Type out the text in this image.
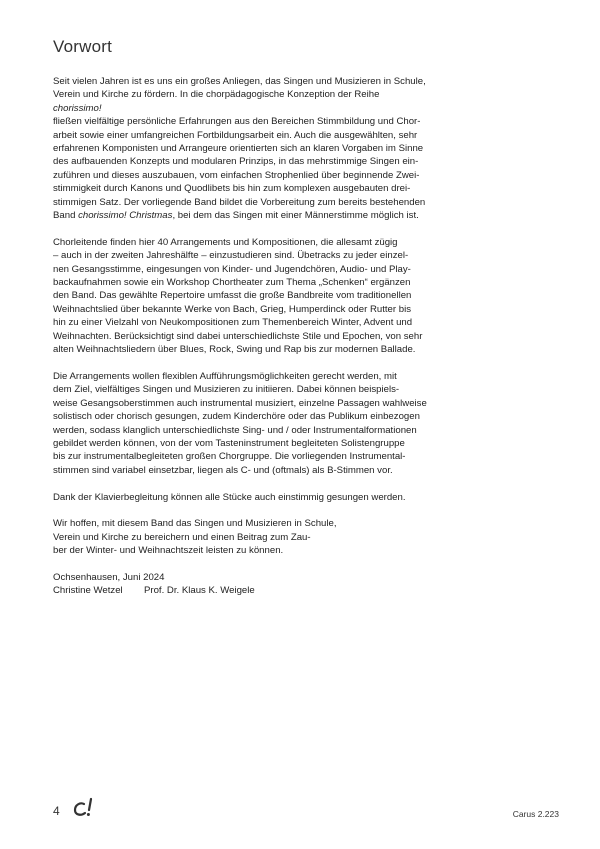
Vorwort

Seit vielen Jahren ist es uns ein großes Anliegen, das Singen und Musizieren in Schule,
Verein und Kirche zu fördern. In die chorpädagogische Konzeption der Reihe chorissimo!
fließen vielfältige persönliche Erfahrungen aus den Bereichen Stimmbildung und Chor-
arbeit sowie einer umfangreichen Fortbildungsarbeit ein. Auch die ausgewählten, sehr
erfahrenen Komponisten und Arrangeure orientierten sich an klaren Vorgaben im Sinne
des aufbauenden Konzepts und modularen Prinzips, in das mehrstimmige Singen ein-
zuführen und dieses auszubauen, vom einfachen Strophenlied über beginnende Zwei-
stimmigkeit durch Kanons und Quodlibets bis hin zum komplexen ausgebauten drei-
stimmigen Satz. Der vorliegende Band bildet die Vorbereitung zum bereits bestehenden
Band chorissimo! Christmas, bei dem das Singen mit einer Männerstimme möglich ist.

Chorleitende finden hier 40 Arrangements und Kompositionen, die allesamt zügig
– auch in der zweiten Jahreshälfte – einzustudieren sind. Übetracks zu jeder einzel-
nen Gesangsstimme, eingesungen von Kinder- und Jugendchören, Audio- und Play-
backaufnahmen sowie ein Workshop Chortheater zum Thema „Schenken“ ergänzen
den Band. Das gewählte Repertoire umfasst die große Bandbreite vom traditionellen
Weihnachtslied über bekannte Werke von Bach, Grieg, Humperdinck oder Rutter bis
hin zu einer Vielzahl von Neukompositionen zum Themenbereich Winter, Advent und
Weihnachten. Berücksichtigt sind dabei unterschiedlichste Stile und Epochen, von sehr
alten Weihnachtsliedern über Blues, Rock, Swing und Rap bis zur modernen Ballade.

Die Arrangements wollen flexiblen Aufführungsmöglichkeiten gerecht werden, mit
dem Ziel, vielfältiges Singen und Musizieren zu initiieren. Dabei können beispiels-
weise Gesangsoberstimmen auch instrumental musiziert, einzelne Passagen wahlweise
solistisch oder chorisch gesungen, zudem Kinderchöre oder das Publikum einbezogen
werden, sodass klanglich unterschiedlichste Sing- und / oder Instrumentalformationen
gebildet werden können, von der vom Tasteninstrument begleiteten Solistengruppe
bis zur instrumentalbegleiteten großen Chorgruppe. Die vorliegenden Instrumental-
stimmen sind variabel einsetzbar, liegen als C- und (oftmals) als B-Stimmen vor.

Dank der Klavierbegleitung können alle Stücke auch einstimmig gesungen werden.

Wir hoffen, mit diesem Band das Singen und Musizieren in Schule,
Verein und Kirche zu bereichern und einen Beitrag zum Zau-
ber der Winter- und Weihnachtszeit leisten zu können.

Ochsenhausen, Juni 2024

Christine Wetzel	Prof. Dr. Klaus K. Weigele
4	Carus 2.223
